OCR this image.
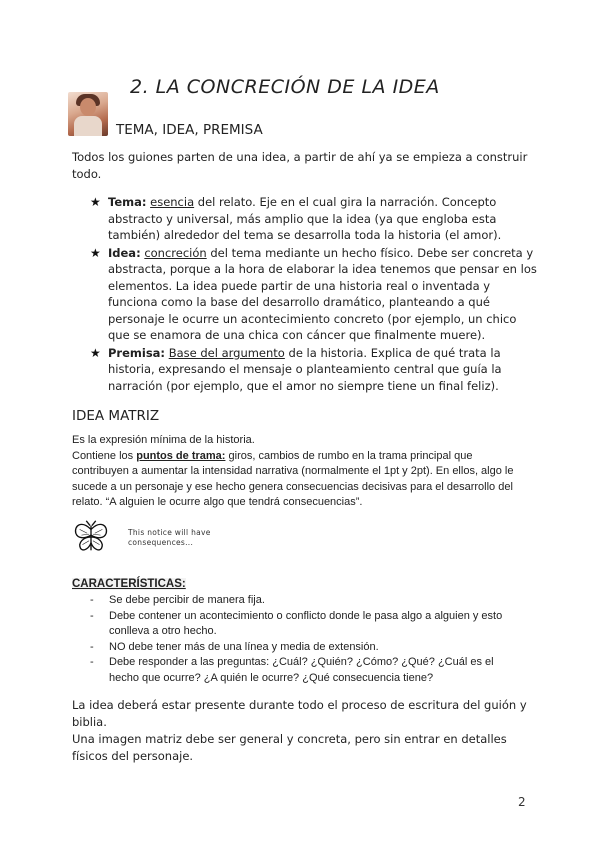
2. LA CONCRECIÓN DE LA IDEA
TEMA, IDEA, PREMISA
Todos los guiones parten de una idea, a partir de ahí ya se empieza a construir todo.
★ Tema: esencia del relato. Eje en el cual gira la narración. Concepto abstracto y universal, más amplio que la idea (ya que engloba esta también) alrededor del tema se desarrolla toda la historia (el amor).
★ Idea: concreción del tema mediante un hecho físico. Debe ser concreta y abstracta, porque a la hora de elaborar la idea tenemos que pensar en los elementos. La idea puede partir de una historia real o inventada y funciona como la base del desarrollo dramático, planteando a qué personaje le ocurre un acontecimiento concreto (por ejemplo, un chico que se enamora de una chica con cáncer que finalmente muere).
★ Premisa: Base del argumento de la historia. Explica de qué trata la historia, expresando el mensaje o planteamiento central que guía la narración (por ejemplo, que el amor no siempre tiene un final feliz).
IDEA MATRIZ
Es la expresión mínima de la historia.
Contiene los puntos de trama: giros, cambios de rumbo en la trama principal que contribuyen a aumentar la intensidad narrativa (normalmente el 1pt y 2pt). En ellos, algo le sucede a un personaje y ese hecho genera consecuencias decisivas para el desarrollo del relato. “A alguien le ocurre algo que tendrá consecuencias”.
This notice will have
consequences...
CARACTERÍSTICAS:
- Se debe percibir de manera fija.
- Debe contener un acontecimiento o conflicto donde le pasa algo a alguien y esto conlleva a otro hecho.
- NO debe tener más de una línea y media de extensión.
- Debe responder a las preguntas: ¿Cuál? ¿Quién? ¿Cómo? ¿Qué? ¿Cuál es el hecho que ocurre? ¿A quién le ocurre? ¿Qué consecuencia tiene?
La idea deberá estar presente durante todo el proceso de escritura del guión y biblia.
Una imagen matriz debe ser general y concreta, pero sin entrar en detalles físicos del personaje.
2
